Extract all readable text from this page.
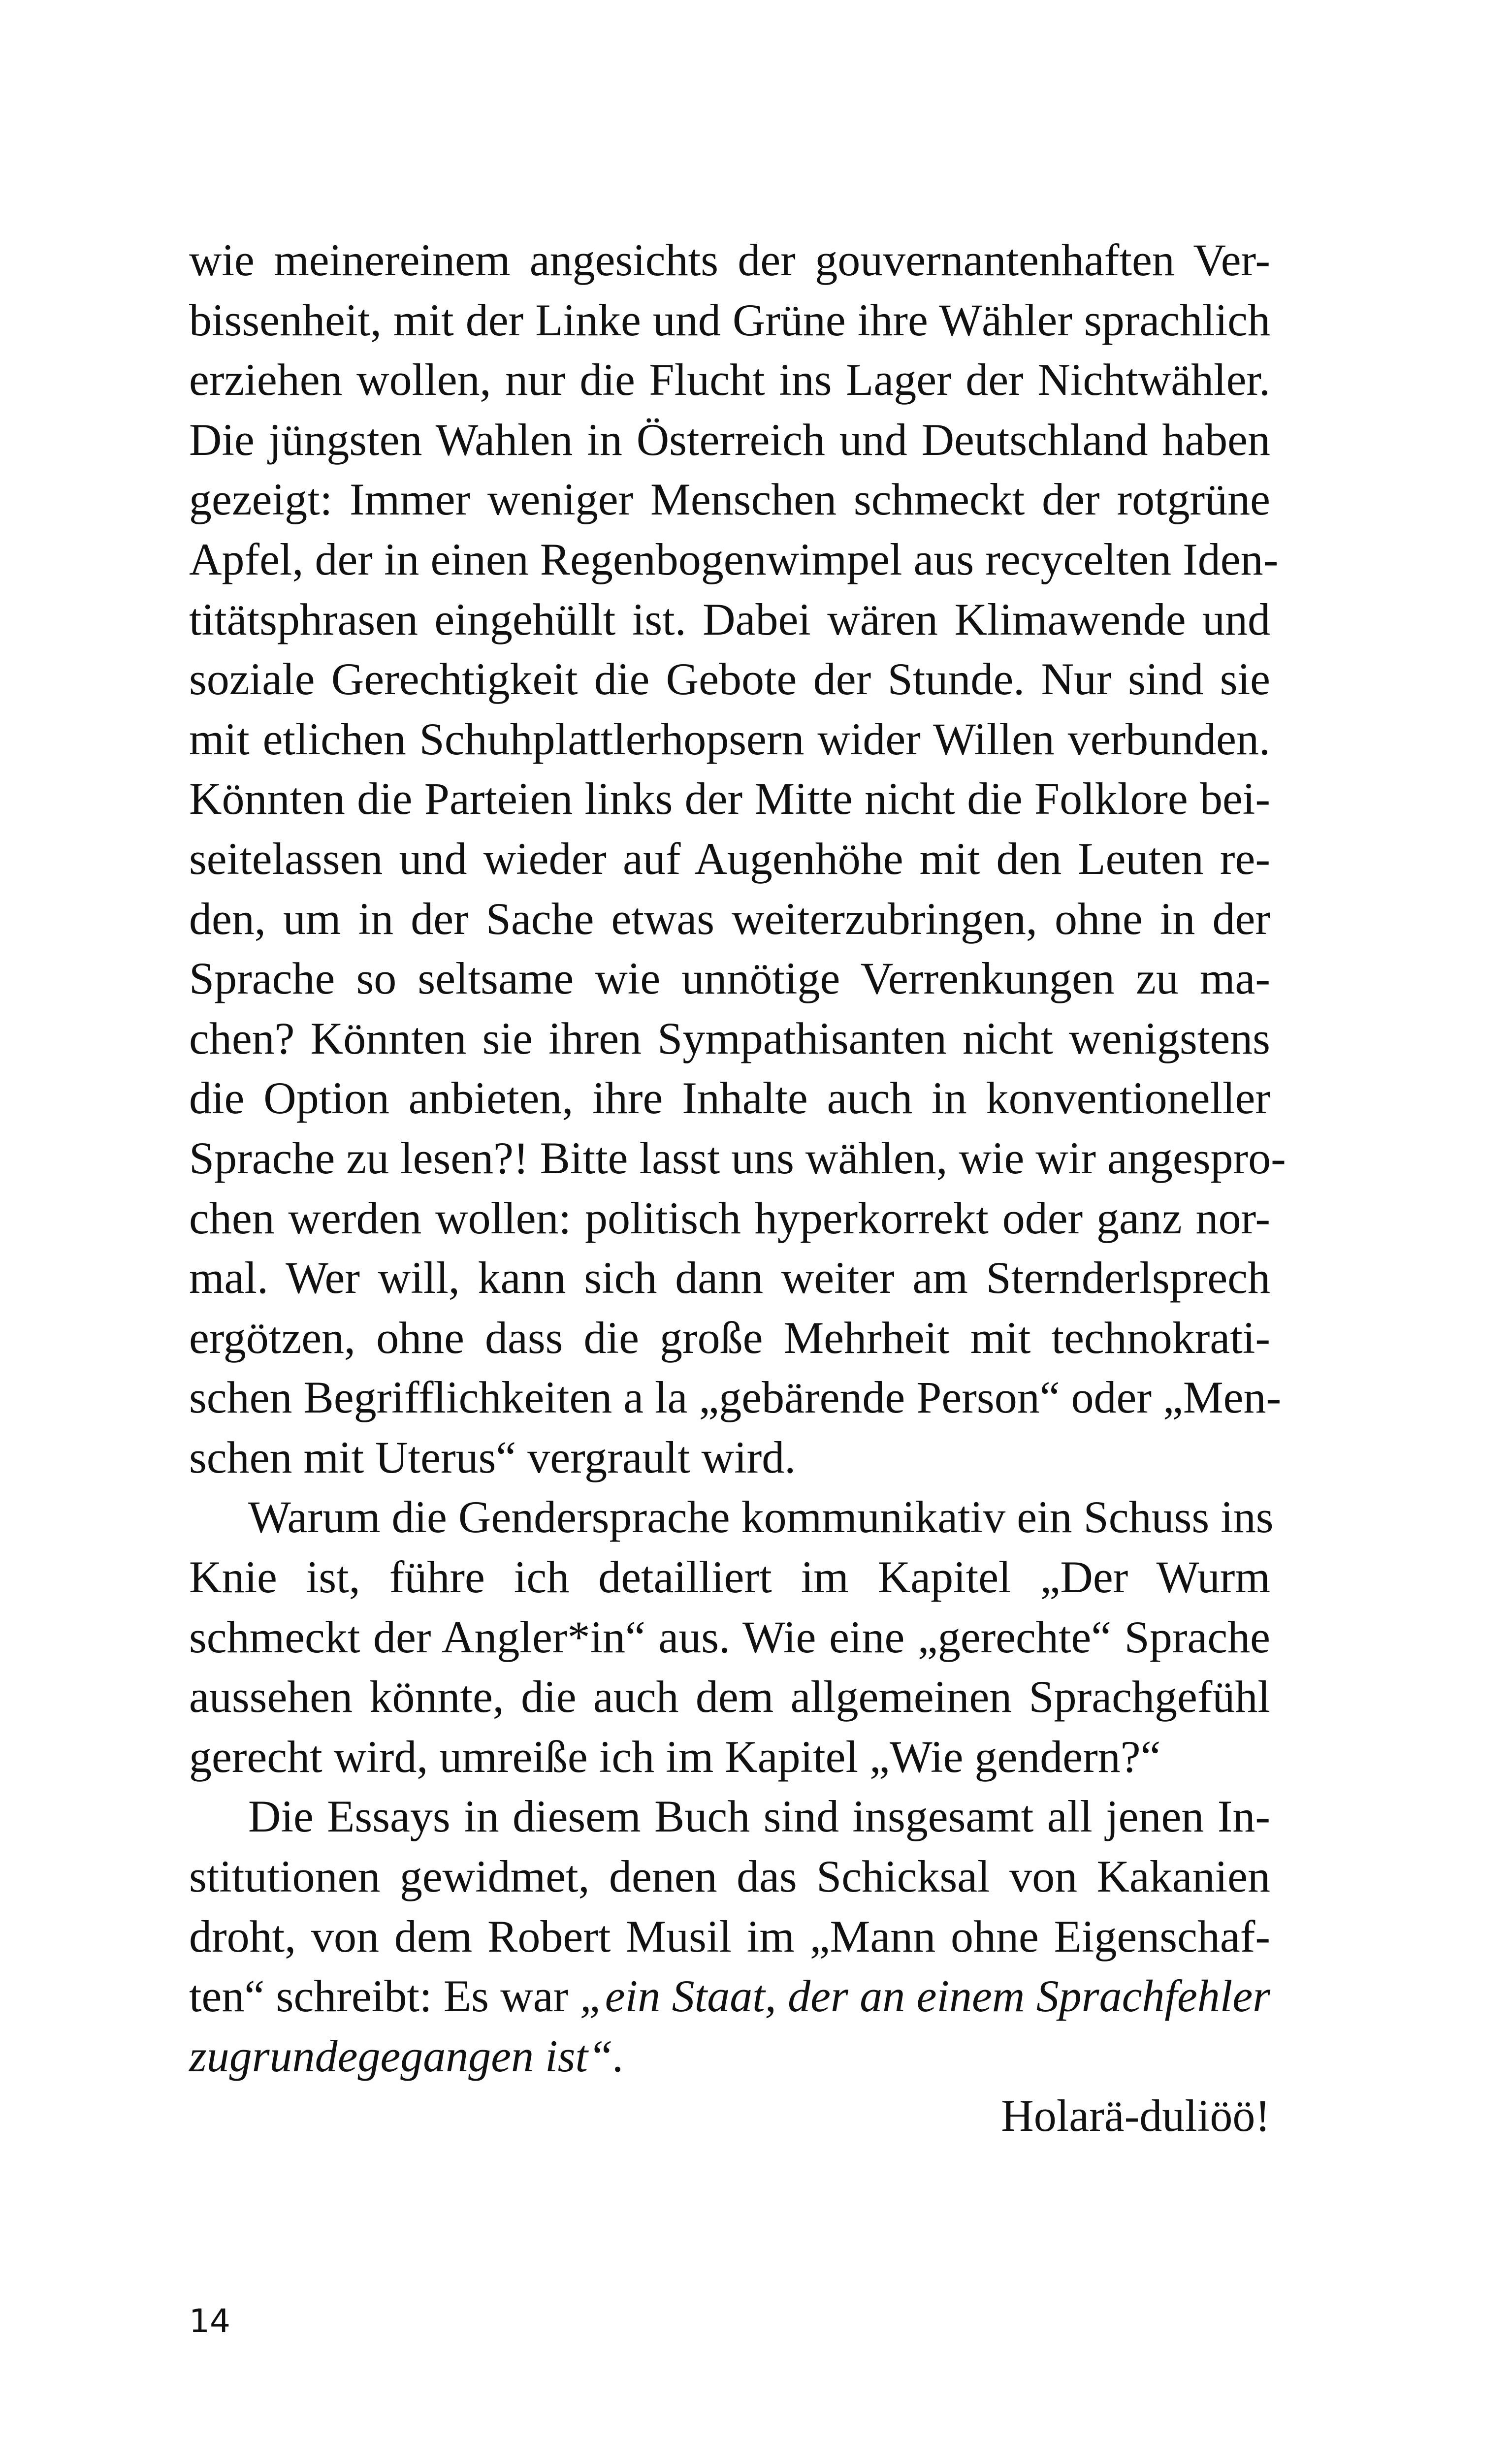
wie meinereinem angesichts der gouvernantenhaften Ver-
bissenheit, mit der Linke und Grüne ihre Wähler sprachlich
erziehen wollen, nur die Flucht ins Lager der Nichtwähler.
Die jüngsten Wahlen in Österreich und Deutschland haben
gezeigt: Immer weniger Menschen schmeckt der rotgrüne
Apfel, der in einen Regenbogenwimpel aus recycelten Iden-
titätsphrasen eingehüllt ist. Dabei wären Klimawende und
soziale Gerechtigkeit die Gebote der Stunde. Nur sind sie
mit etlichen Schuhplattlerhopsern wider Willen verbunden.
Könnten die Parteien links der Mitte nicht die Folklore bei-
seitelassen und wieder auf Augenhöhe mit den Leuten re-
den, um in der Sache etwas weiterzubringen, ohne in der
Sprache so seltsame wie unnötige Verrenkungen zu ma-
chen? Könnten sie ihren Sympathisanten nicht wenigstens
die Option anbieten, ihre Inhalte auch in konventioneller
Sprache zu lesen?! Bitte lasst uns wählen, wie wir angespro-
chen werden wollen: politisch hyperkorrekt oder ganz nor-
mal. Wer will, kann sich dann weiter am Sternderlsprech
ergötzen, ohne dass die große Mehrheit mit technokrati-
schen Begrifflichkeiten a la „gebärende Person“ oder „Men-
schen mit Uterus“ vergrault wird.
Warum die Gendersprache kommunikativ ein Schuss ins
Knie ist, führe ich detailliert im Kapitel „Der Wurm
schmeckt der Angler*in“ aus. Wie eine „gerechte“ Sprache
aussehen könnte, die auch dem allgemeinen Sprachgefühl
gerecht wird, umreiße ich im Kapitel „Wie gendern?“
Die Essays in diesem Buch sind insgesamt all jenen In-
stitutionen gewidmet, denen das Schicksal von Kakanien
droht, von dem Robert Musil im „Mann ohne Eigenschaf-
ten“ schreibt: Es war „ein Staat, der an einem Sprachfehler
zugrundegegangen ist“.
Holarä-duliöö!
14
